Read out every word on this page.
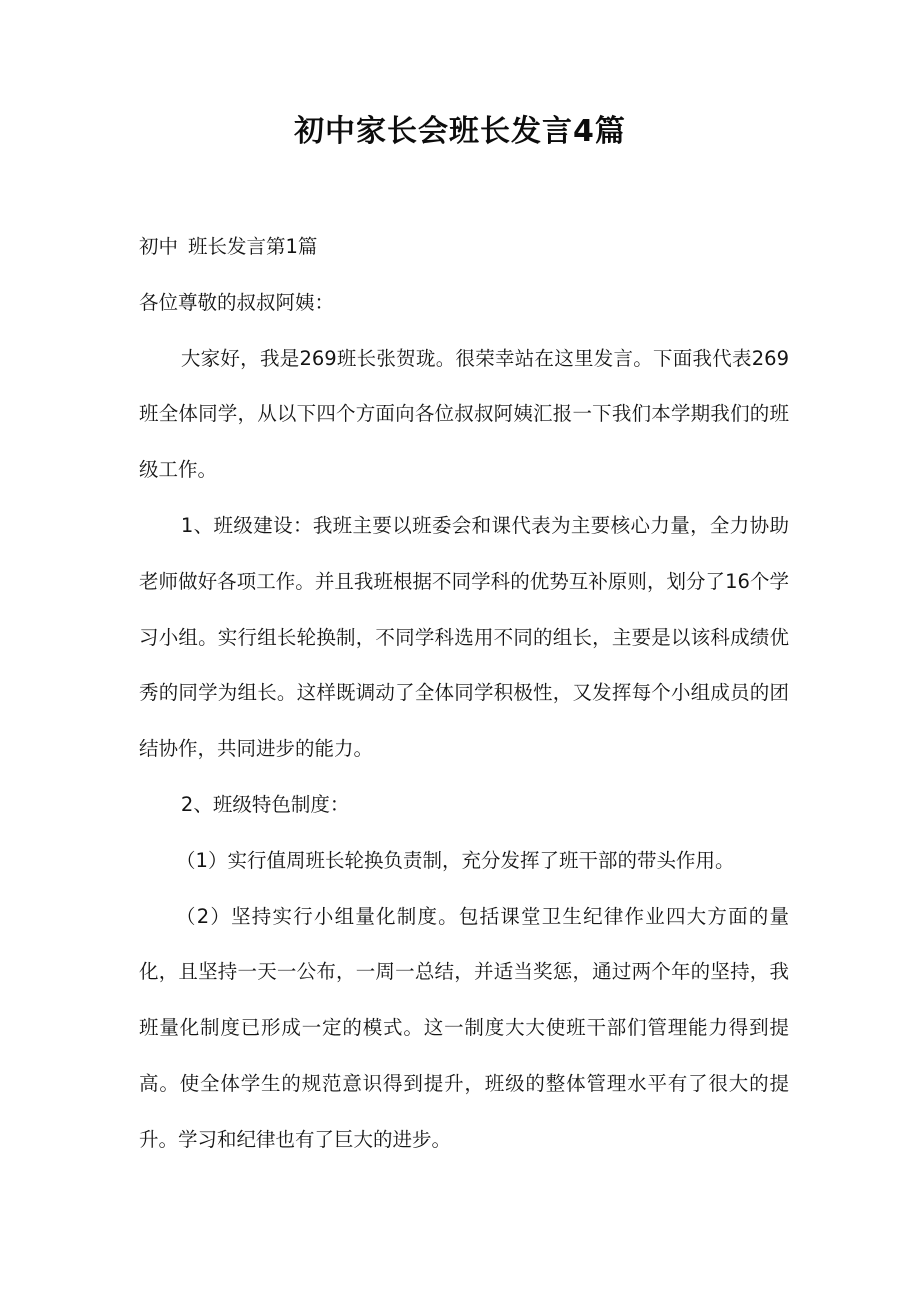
初中家长会班长发言4篇

初中 班长发言第1篇

各位尊敬的叔叔阿姨：

大家好，我是269班长张贺珑。很荣幸站在这里发言。下面我代表269班全体同学，从以下四个方面向各位叔叔阿姨汇报一下我们本学期我们的班级工作。

1、班级建设：我班主要以班委会和课代表为主要核心力量，全力协助老师做好各项工作。并且我班根据不同学科的优势互补原则，划分了16个学习小组。实行组长轮换制，不同学科选用不同的组长，主要是以该科成绩优秀的同学为组长。这样既调动了全体同学积极性，又发挥每个小组成员的团结协作，共同进步的能力。

2、班级特色制度：

（1）实行值周班长轮换负责制，充分发挥了班干部的带头作用。

（2）坚持实行小组量化制度。包括课堂卫生纪律作业四大方面的量化，且坚持一天一公布，一周一总结，并适当奖惩，通过两个年的坚持，我班量化制度已形成一定的模式。这一制度大大使班干部们管理能力得到提高。使全体学生的规范意识得到提升，班级的整体管理水平有了很大的提升。学习和纪律也有了巨大的进步。
